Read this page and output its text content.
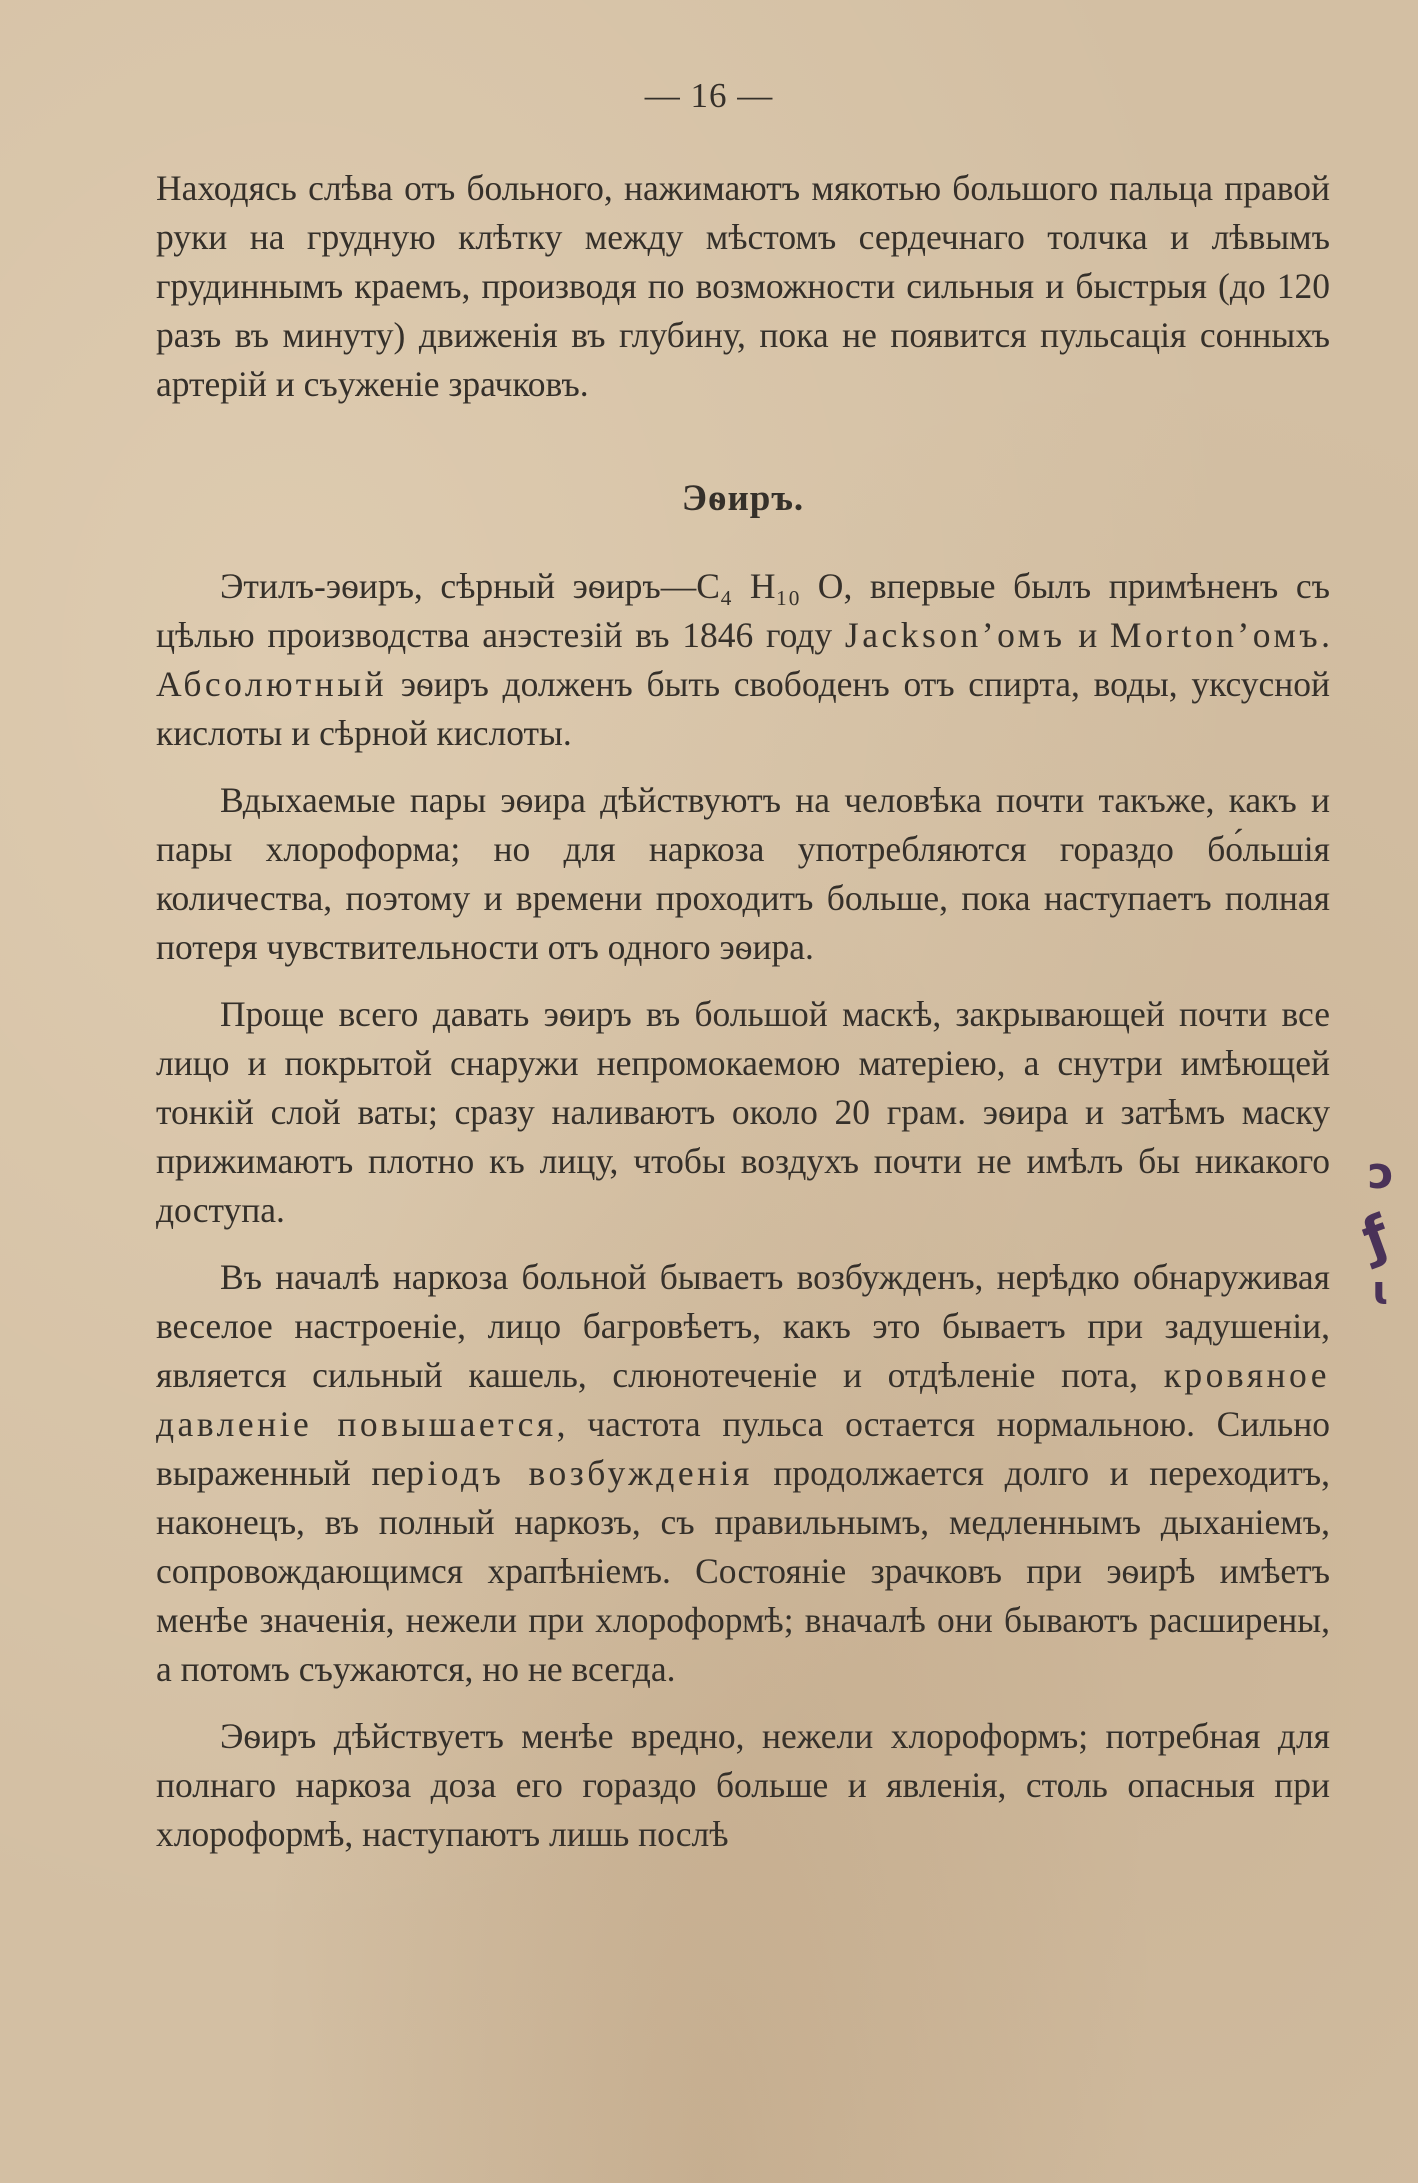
— 16 —

Находясь слѣва отъ больного, нажимаютъ мякотью большого пальца правой руки на грудную клѣтку между мѣстомъ сердечнаго толчка и лѣвымъ грудиннымъ краемъ, производя по возможности сильныя и быстрыя (до 120 разъ въ минуту) движенія въ глубину, пока не появится пульсація сонныхъ артерій и съуженіе зрачковъ.

Эѳиръ.

Этилъ-эѳиръ, сѣрный эѳиръ—C₄ H₁₀ O, впервые былъ примѣненъ съ цѣлью производства анэстезій въ 1846 году Jackson’омъ и Morton’омъ. Абсолютный эѳиръ долженъ быть свободенъ отъ спирта, воды, уксусной кислоты и сѣрной кислоты.

Вдыхаемые пары эѳира дѣйствуютъ на человѣка почти такъже, какъ и пары хлороформа; но для наркоза употребляются гораздо бо́льшія количества, поэтому и времени проходитъ больше, пока наступаетъ полная потеря чувствительности отъ одного эѳира.

Проще всего давать эѳиръ въ большой маскѣ, закрывающей почти все лицо и покрытой снаружи непромокаемою матеріею, а снутри имѣющей тонкій слой ваты; сразу наливаютъ около 20 грам. эѳира и затѣмъ маску прижимаютъ плотно къ лицу, чтобы воздухъ почти не имѣлъ бы никакого доступа.

Въ началѣ наркоза больной бываетъ возбужденъ, нерѣдко обнаруживая веселое настроеніе, лицо багровѣетъ, какъ это бываетъ при задушеніи, является сильный кашель, слюнотеченіе и отдѣленіе пота, кровяное давленіе повышается, частота пульса остается нормальною. Сильно выраженный періодъ возбужденія продолжается долго и переходитъ, наконецъ, въ полный наркозъ, съ правильнымъ, медленнымъ дыханiемъ, сопровождающимся храпѣніемъ. Состояніе зрачковъ при эѳирѣ имѣетъ менѣе значенія, нежели при хлороформѣ; вначалѣ они бываютъ расширены, а потомъ съужаются, но не всегда.

Эѳиръ дѣйствуетъ менѣе вредно, нежели хлороформъ; потребная для полнаго наркоза доза его гораздо больше и явленія, столь опасныя при хлороформѣ, наступаютъ лишь послѣ

ↄ
ƒ
ɩ
